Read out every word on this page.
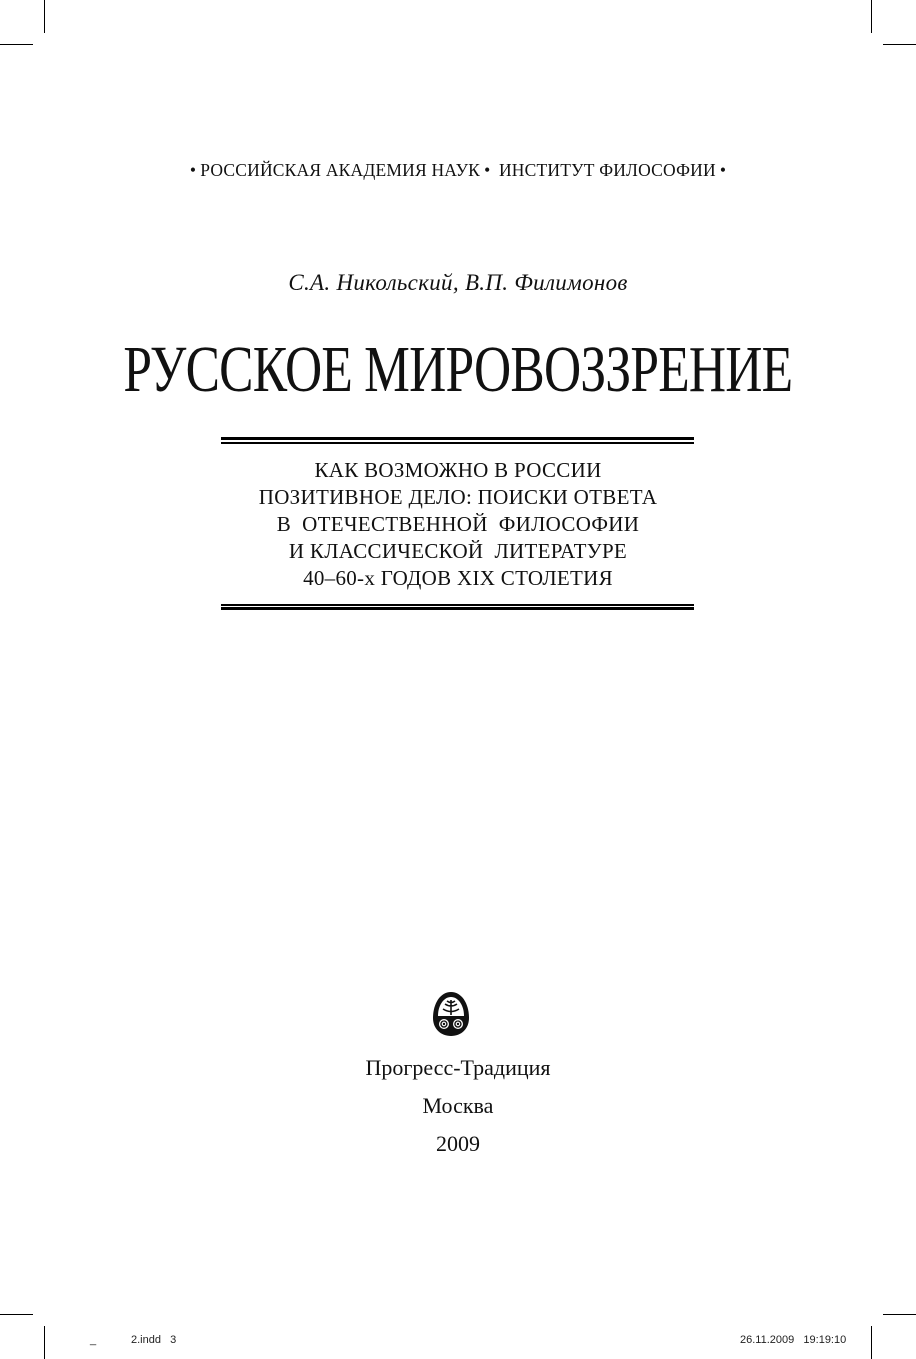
• РОССИЙСКАЯ АКАДЕМИЯ НАУК • ИНСТИТУТ ФИЛОСОФИИ •
С.А. Никольский, В.П. Филимонов
РУССКОЕ МИРОВОЗЗРЕНИЕ
КАК ВОЗМОЖНО В РОССИИ
ПОЗИТИВНОЕ ДЕЛО: ПОИСКИ ОТВЕТА
В  ОТЕЧЕСТВЕННОЙ  ФИЛОСОФИИ
И КЛАССИЧЕСКОЙ  ЛИТЕРАТУРЕ
40–60-х ГОДОВ XIX СТОЛЕТИЯ
Прогресс-Традиция
Москва
2009
_	2.indd   3	26.11.2009   19:19:10
